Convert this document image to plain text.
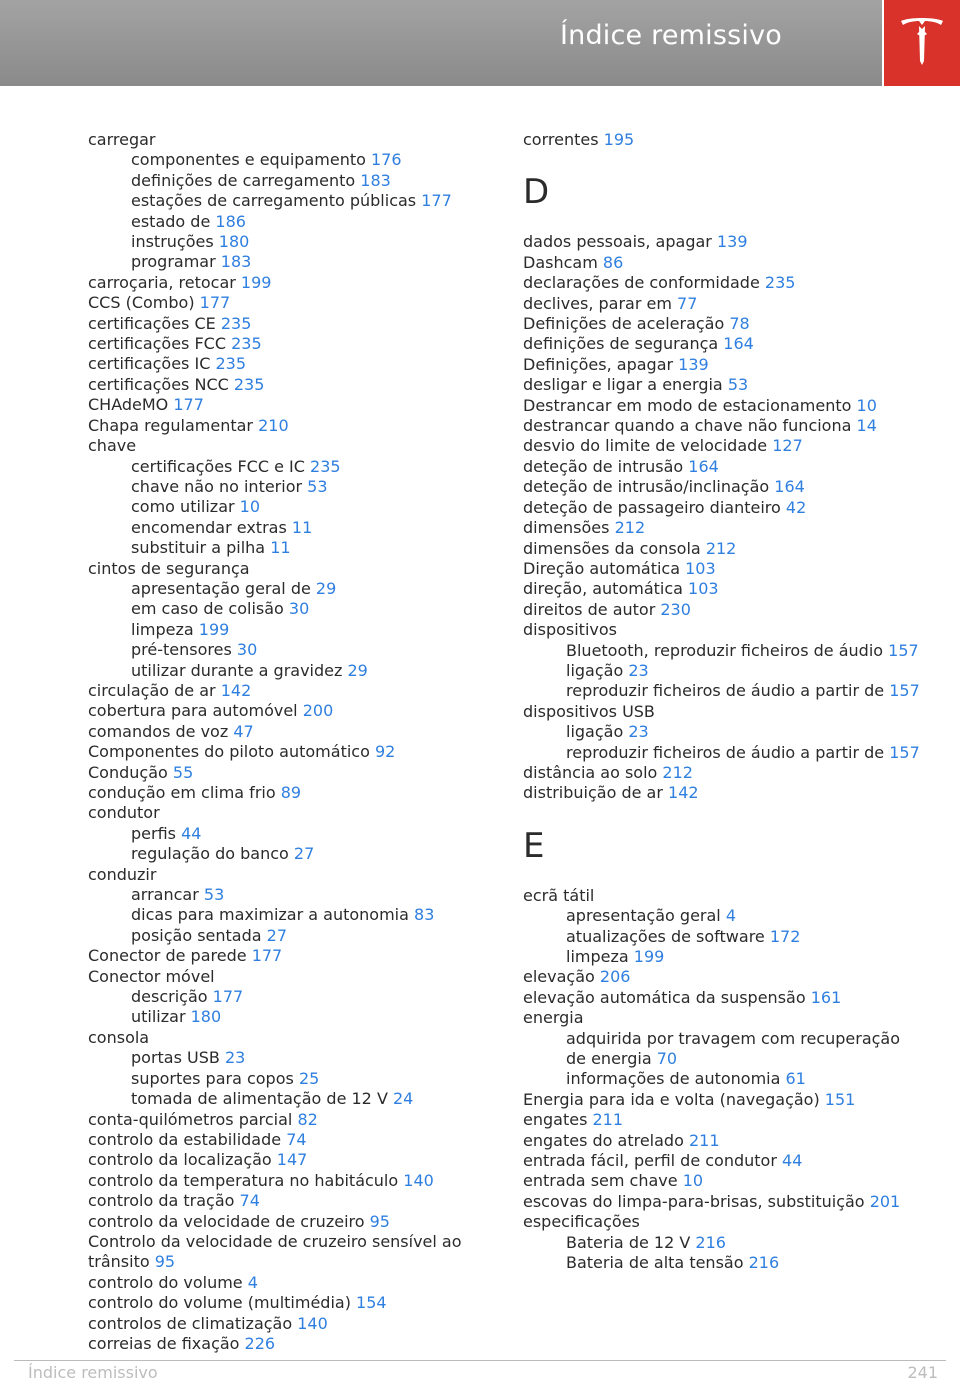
Índice remissivo
carregar
componentes e equipamento 176
definições de carregamento 183
estações de carregamento públicas 177
estado de 186
instruções 180
programar 183
carroçaria, retocar 199
CCS (Combo) 177
certificações CE 235
certificações FCC 235
certificações IC 235
certificações NCC 235
CHAdeMO 177
Chapa regulamentar 210
chave
certificações FCC e IC 235
chave não no interior 53
como utilizar 10
encomendar extras 11
substituir a pilha 11
cintos de segurança
apresentação geral de 29
em caso de colisão 30
limpeza 199
pré-tensores 30
utilizar durante a gravidez 29
circulação de ar 142
cobertura para automóvel 200
comandos de voz 47
Componentes do piloto automático 92
Condução 55
condução em clima frio 89
condutor
perfis 44
regulação do banco 27
conduzir
arrancar 53
dicas para maximizar a autonomia 83
posição sentada 27
Conector de parede 177
Conector móvel
descrição 177
utilizar 180
consola
portas USB 23
suportes para copos 25
tomada de alimentação de 12 V 24
conta-quilómetros parcial 82
controlo da estabilidade 74
controlo da localização 147
controlo da temperatura no habitáculo 140
controlo da tração 74
controlo da velocidade de cruzeiro 95
Controlo da velocidade de cruzeiro sensível ao trânsito 95
controlo do volume 4
controlo do volume (multimédia) 154
controlos de climatização 140
correias de fixação 226
correntes 195
D
dados pessoais, apagar 139
Dashcam 86
declarações de conformidade 235
declives, parar em 77
Definições de aceleração 78
definições de segurança 164
Definições, apagar 139
desligar e ligar a energia 53
Destrancar em modo de estacionamento 10
destrancar quando a chave não funciona 14
desvio do limite de velocidade 127
deteção de intrusão 164
deteção de intrusão/inclinação 164
deteção de passageiro dianteiro 42
dimensões 212
dimensões da consola 212
Direção automática 103
direção, automática 103
direitos de autor 230
dispositivos
Bluetooth, reproduzir ficheiros de áudio 157
ligação 23
reproduzir ficheiros de áudio a partir de 157
dispositivos USB
ligação 23
reproduzir ficheiros de áudio a partir de 157
distância ao solo 212
distribuição de ar 142
E
ecrã tátil
apresentação geral 4
atualizações de software 172
limpeza 199
elevação 206
elevação automática da suspensão 161
energia
adquirida por travagem com recuperação de energia 70
informações de autonomia 61
Energia para ida e volta (navegação) 151
engates 211
engates do atrelado 211
entrada fácil, perfil de condutor 44
entrada sem chave 10
escovas do limpa-para-brisas, substituição 201
especificações
Bateria de 12 V 216
Bateria de alta tensão 216
Índice remissivo	241
